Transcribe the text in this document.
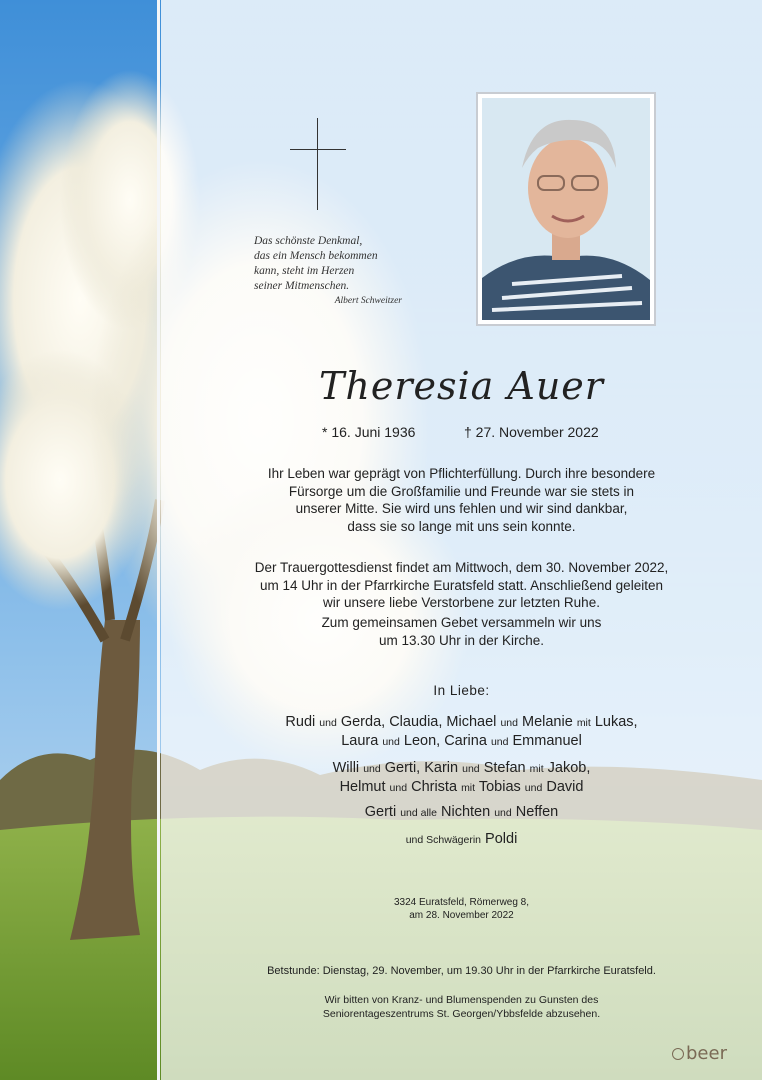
Das schönste Denkmal,
das ein Mensch bekommen
kann, steht im Herzen
seiner Mitmenschen.
Albert Schweitzer
Theresia Auer
* 16. Juni 1936	† 27. November 2022
Ihr Leben war geprägt von Pflichterfüllung. Durch ihre besondere
Fürsorge um die Großfamilie und Freunde war sie stets in
unserer Mitte. Sie wird uns fehlen und wir sind dankbar,
dass sie so lange mit uns sein konnte.
Der Trauergottesdienst findet am Mittwoch, dem 30. November 2022,
um 14 Uhr in der Pfarrkirche Euratsfeld statt. Anschließend geleiten
wir unsere liebe Verstorbene zur letzten Ruhe.
Zum gemeinsamen Gebet versammeln wir uns
um 13.30 Uhr in der Kirche.
In Liebe:
Rudi und Gerda, Claudia, Michael und Melanie mit Lukas,
Laura und Leon, Carina und Emmanuel
Willi und Gerti, Karin und Stefan mit Jakob,
Helmut und Christa mit Tobias und David
Gerti und alle Nichten und Neffen
und Schwägerin Poldi
3324 Euratsfeld, Römerweg 8,
am 28. November 2022
Betstunde: Dienstag, 29. November, um 19.30 Uhr in der Pfarrkirche Euratsfeld.
Wir bitten von Kranz- und Blumenspenden zu Gunsten des
Seniorentageszentrums St. Georgen/Ybbsfelde abzusehen.
beer
